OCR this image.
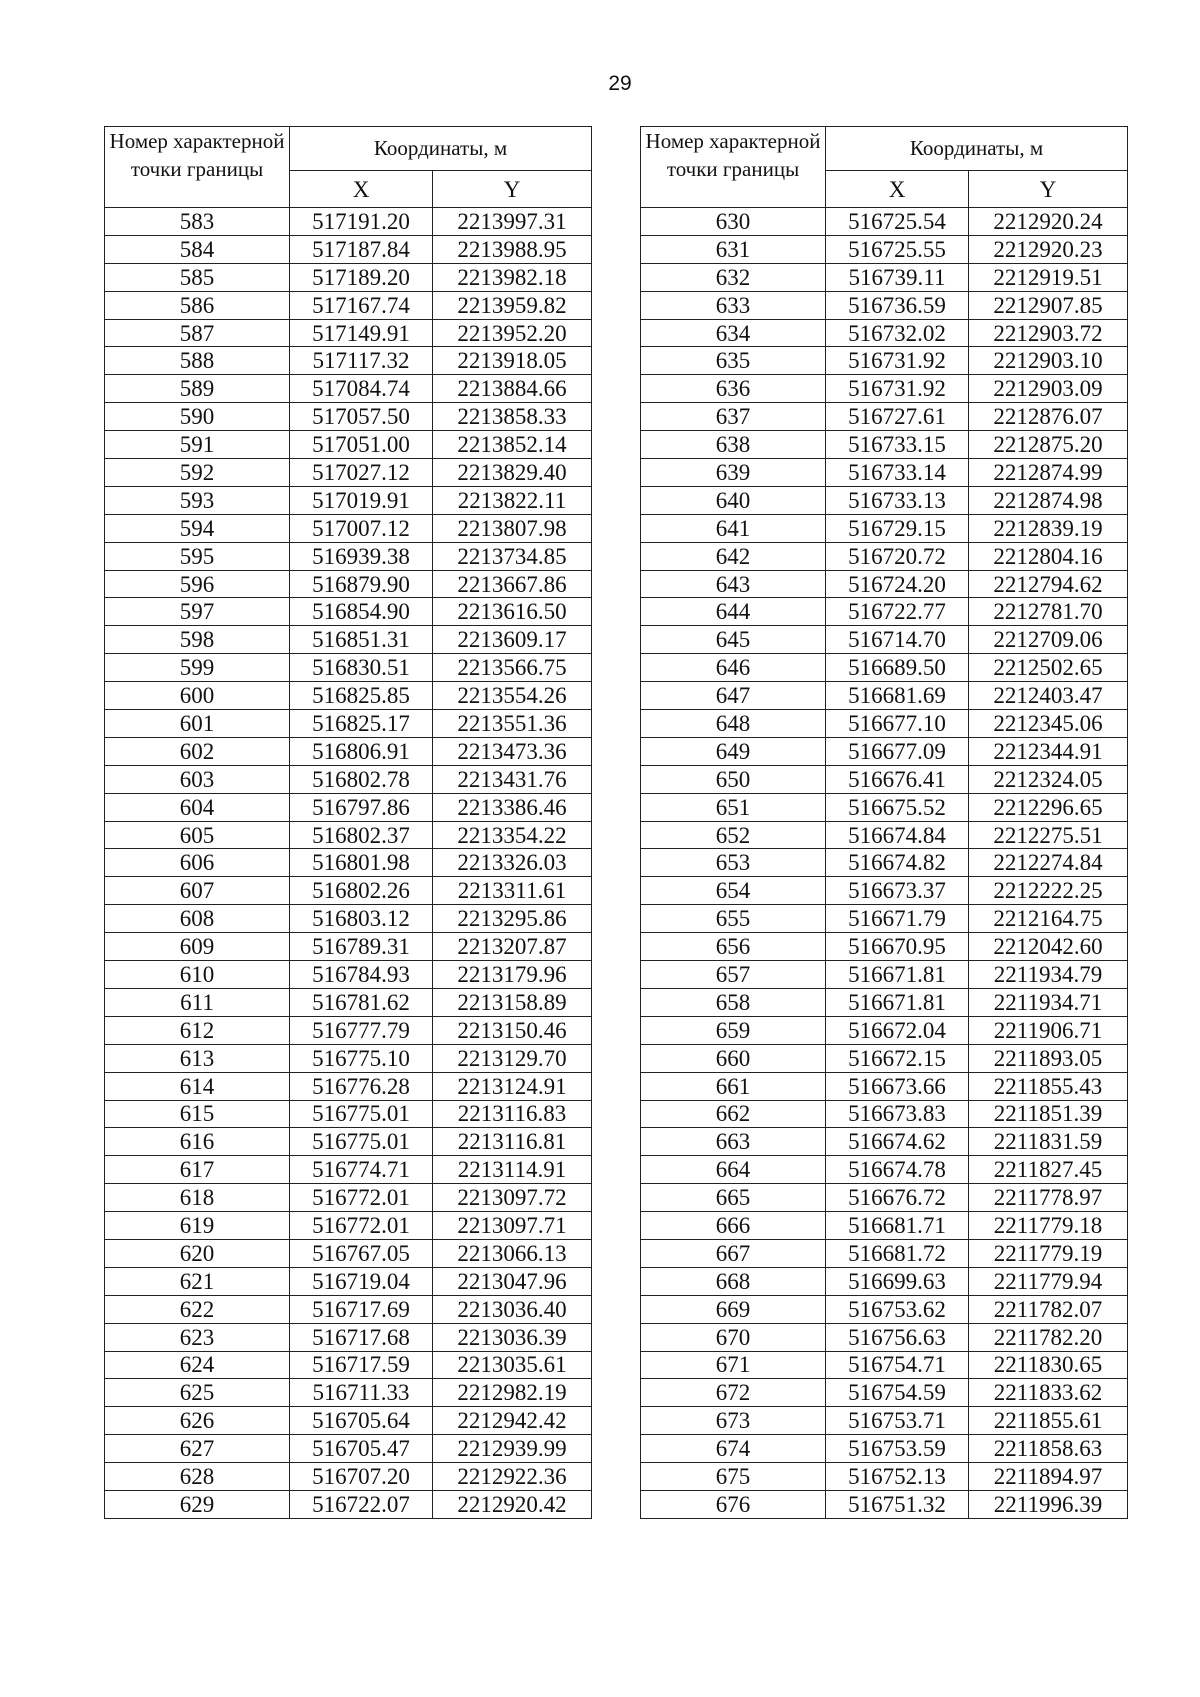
29
Номер характерной точки границы	Координаты, м	
	X	Y
583	517191.20	2213997.31
584	517187.84	2213988.95
585	517189.20	2213982.18
586	517167.74	2213959.82
587	517149.91	2213952.20
588	517117.32	2213918.05
589	517084.74	2213884.66
590	517057.50	2213858.33
591	517051.00	2213852.14
592	517027.12	2213829.40
593	517019.91	2213822.11
594	517007.12	2213807.98
595	516939.38	2213734.85
596	516879.90	2213667.86
597	516854.90	2213616.50
598	516851.31	2213609.17
599	516830.51	2213566.75
600	516825.85	2213554.26
601	516825.17	2213551.36
602	516806.91	2213473.36
603	516802.78	2213431.76
604	516797.86	2213386.46
605	516802.37	2213354.22
606	516801.98	2213326.03
607	516802.26	2213311.61
608	516803.12	2213295.86
609	516789.31	2213207.87
610	516784.93	2213179.96
611	516781.62	2213158.89
612	516777.79	2213150.46
613	516775.10	2213129.70
614	516776.28	2213124.91
615	516775.01	2213116.83
616	516775.01	2213116.81
617	516774.71	2213114.91
618	516772.01	2213097.72
619	516772.01	2213097.71
620	516767.05	2213066.13
621	516719.04	2213047.96
622	516717.69	2213036.40
623	516717.68	2213036.39
624	516717.59	2213035.61
625	516711.33	2212982.19
626	516705.64	2212942.42
627	516705.47	2212939.99
628	516707.20	2212922.36
629	516722.07	2212920.42
Номер характерной точки границы	Координаты, м	
	X	Y
630	516725.54	2212920.24
631	516725.55	2212920.23
632	516739.11	2212919.51
633	516736.59	2212907.85
634	516732.02	2212903.72
635	516731.92	2212903.10
636	516731.92	2212903.09
637	516727.61	2212876.07
638	516733.15	2212875.20
639	516733.14	2212874.99
640	516733.13	2212874.98
641	516729.15	2212839.19
642	516720.72	2212804.16
643	516724.20	2212794.62
644	516722.77	2212781.70
645	516714.70	2212709.06
646	516689.50	2212502.65
647	516681.69	2212403.47
648	516677.10	2212345.06
649	516677.09	2212344.91
650	516676.41	2212324.05
651	516675.52	2212296.65
652	516674.84	2212275.51
653	516674.82	2212274.84
654	516673.37	2212222.25
655	516671.79	2212164.75
656	516670.95	2212042.60
657	516671.81	2211934.79
658	516671.81	2211934.71
659	516672.04	2211906.71
660	516672.15	2211893.05
661	516673.66	2211855.43
662	516673.83	2211851.39
663	516674.62	2211831.59
664	516674.78	2211827.45
665	516676.72	2211778.97
666	516681.71	2211779.18
667	516681.72	2211779.19
668	516699.63	2211779.94
669	516753.62	2211782.07
670	516756.63	2211782.20
671	516754.71	2211830.65
672	516754.59	2211833.62
673	516753.71	2211855.61
674	516753.59	2211858.63
675	516752.13	2211894.97
676	516751.32	2211996.39
